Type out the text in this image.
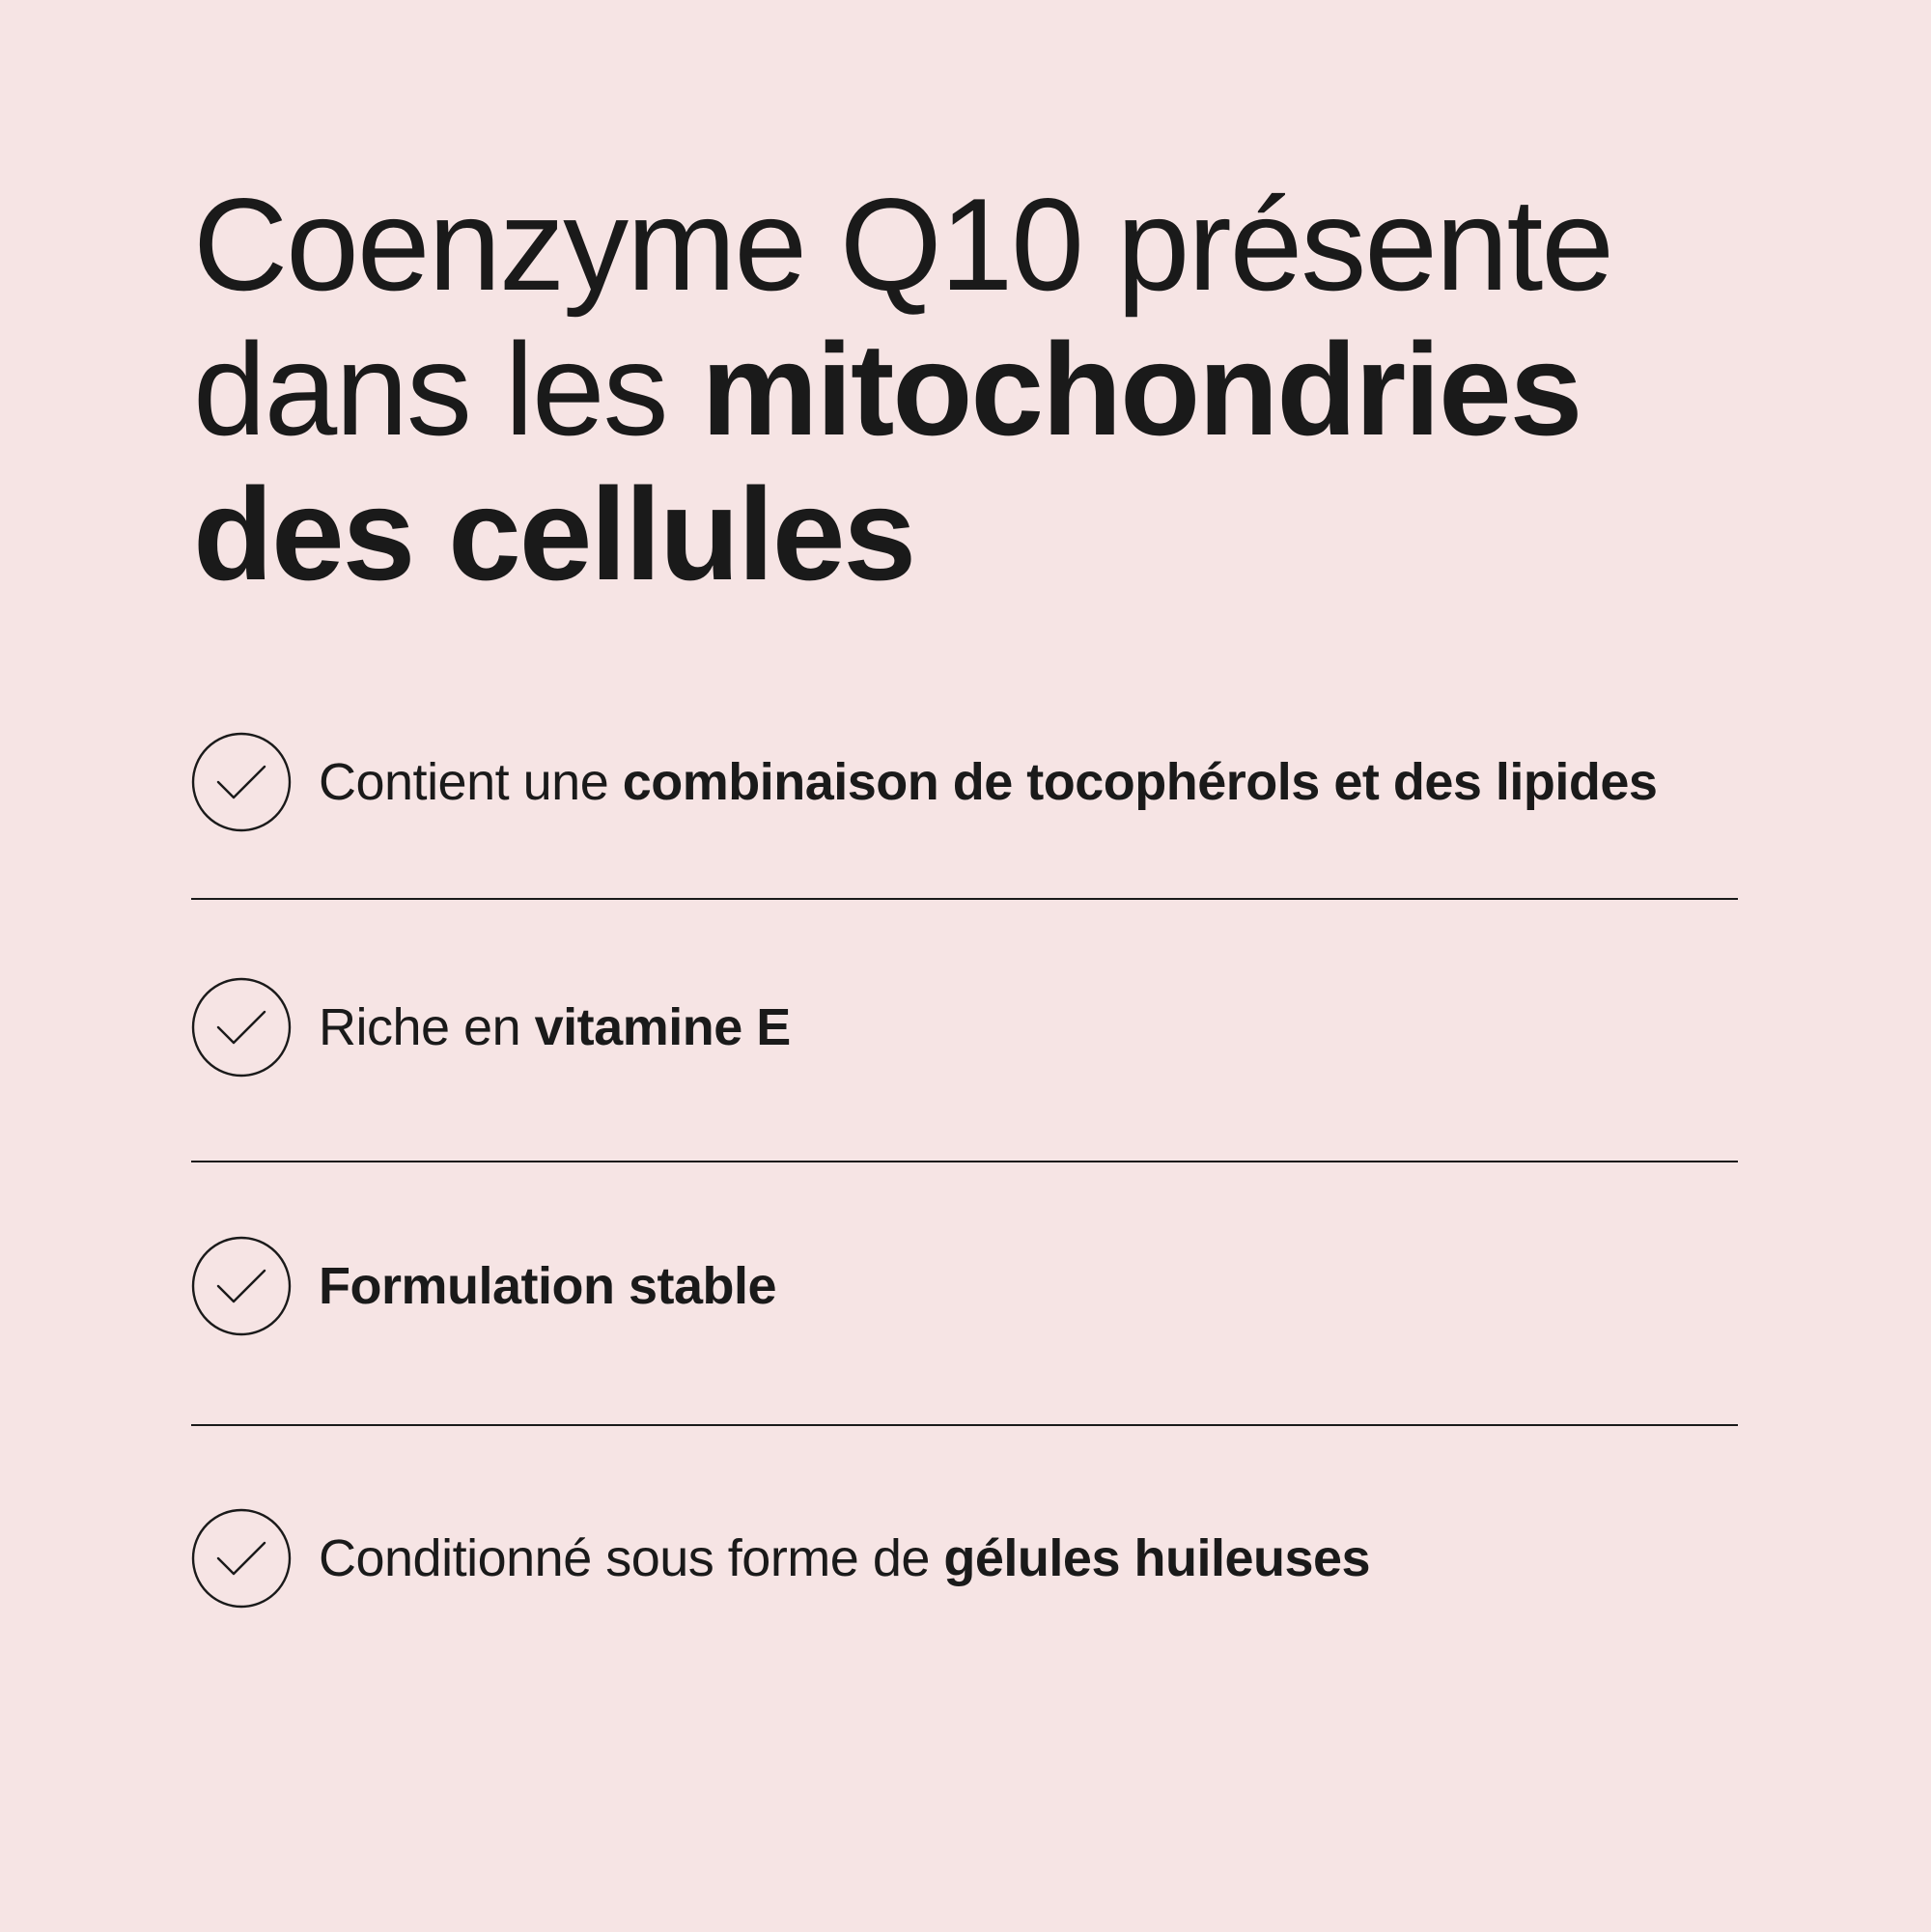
Coenzyme Q10 présente
dans les mitochondries
des cellules
Contient une combinaison de tocophérols et des lipides
Riche en vitamine E
Formulation stable
Conditionné sous forme de gélules huileuses
